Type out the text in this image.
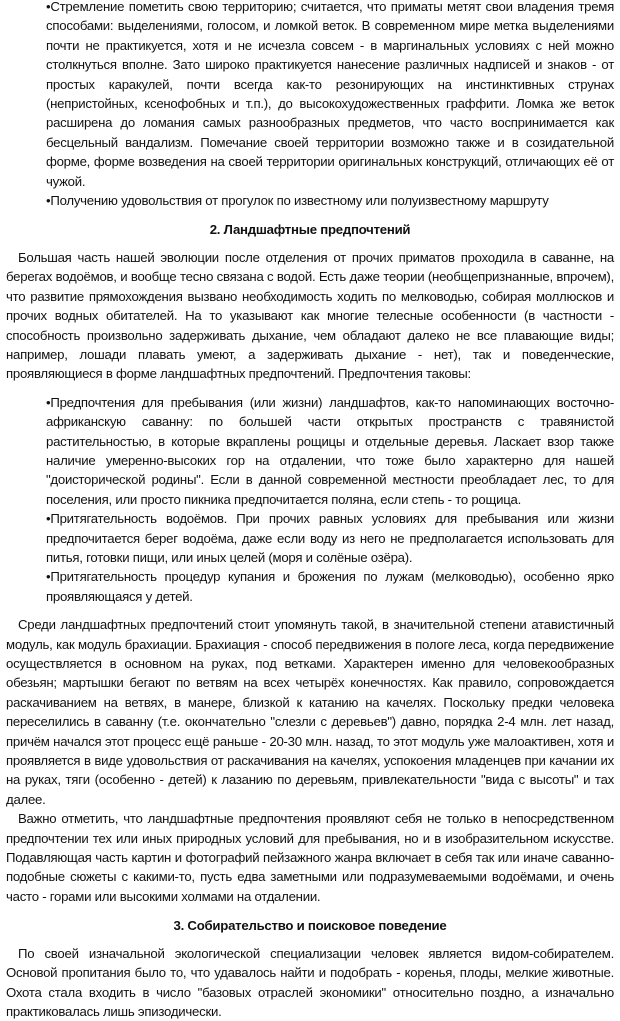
•Стремление пометить свою территорию; считается, что приматы метят свои владения тремя способами: выделениями, голосом, и ломкой веток. В современном мире метка выделениями почти не практикуется, хотя и не исчезла совсем - в маргинальных условиях с ней можно столкнуться вполне. Зато широко практикуется нанесение различных надписей и знаков - от простых каракулей, почти всегда как-то резонирующих на инстинктивных струнах (непристойных, ксенофобных и т.п.), до высокохудожественных граффити. Ломка же веток расширена до ломания самых разнообразных предметов, что часто воспринимается как бесцельный вандализм. Помечание своей территории возможно также и в созидательной форме, форме возведения на своей территории оригинальных конструкций, отличающих её от чужой.

•Получению удовольствия от прогулок по известному или полуизвестному маршруту

2. Ландшафтные предпочтений

Большая часть нашей эволюции после отделения от прочих приматов проходила в саванне, на берегах водоёмов, и вообще тесно связана с водой. Есть даже теории (необщепризнанные, впрочем), что развитие прямохождения вызвано необходимость ходить по мелководью, собирая моллюсков и прочих водных обитателей. На то указывают как многие телесные особенности (в частности - способность произвольно задерживать дыхание, чем обладают далеко не все плавающие виды; например, лошади плавать умеют, а задерживать дыхание - нет), так и поведенческие, проявляющиеся в форме ландшафтных предпочтений. Предпочтения таковы:

•Предпочтения для пребывания (или жизни) ландшафтов, как-то напоминающих восточно-африканскую саванну: по большей части открытых пространств с травянистой растительностью, в которые вкраплены рощицы и отдельные деревья. Ласкает взор также наличие умеренно-высоких гор на отдалении, что тоже было характерно для нашей "доисторической родины". Если в данной современной местности преобладает лес, то для поселения, или просто пикника предпочитается поляна, если степь - то рощица.

•Притягательность водоёмов. При прочих равных условиях для пребывания или жизни предпочитается берег водоёма, даже если воду из него не предполагается использовать для питья, готовки пищи, или иных целей (моря и солёные озёра).

•Притягательность процедур купания и брожения по лужам (мелководью), особенно ярко проявляющаяся у детей.

Среди ландшафтных предпочтений стоит упомянуть такой, в значительной степени атавистичный модуль, как модуль брахиации. Брахиация - способ передвижения в пологе леса, когда передвижение осуществляется в основном на руках, под ветками. Характерен именно для человекообразных обезьян; мартышки бегают по ветвям на всех четырёх конечностях. Как правило, сопровождается раскачиванием на ветвях, в манере, близкой к катанию на качелях. Поскольку предки человека переселились в саванну (т.е. окончательно "слезли с деревьев") давно, порядка 2-4 млн. лет назад, причём начался этот процесс ещё раньше - 20-30 млн. назад, то этот модуль уже малоактивен, хотя и проявляется в виде удовольствия от раскачивания на качелях, успокоения младенцев при качании их на руках, тяги (особенно - детей) к лазанию по деревьям, привлекательности "вида с высоты" и тах далее.

Важно отметить, что ландшафтные предпочтения проявляют себя не только в непосредственном предпочтении тех или иных природных условий для пребывания, но и в изобразительном искусстве. Подавляющая часть картин и фотографий пейзажного жанра включает в себя так или иначе саванно-подобные сюжеты с какими-то, пусть едва заметными или подразумеваемыми водоёмами, и очень часто - горами или высокими холмами на отдалении.

3. Собирательство и поисковое поведение

По своей изначальной экологической специализации человек является видом-собирателем. Основой пропитания было то, что удавалось найти и подобрать - коренья, плоды, мелкие животные. Охота стала входить в число "базовых отраслей экономики" относительно поздно, а изначально практиковалась лишь эпизодически.
